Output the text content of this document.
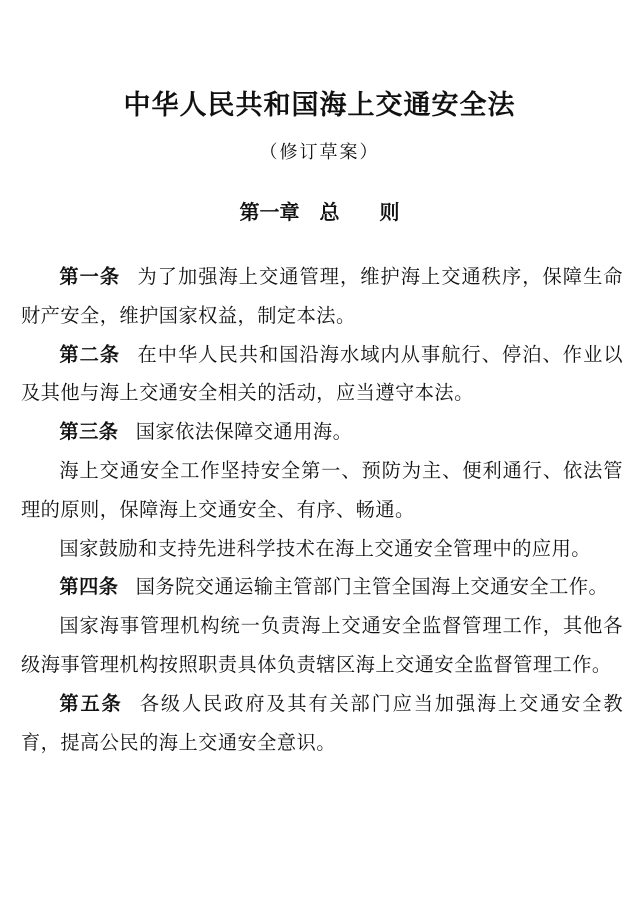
中华人民共和国海上交通安全法
（修订草案）
第一章　总　　则

第一条 为了加强海上交通管理，维护海上交通秩序，保障生命财产安全，维护国家权益，制定本法。

第二条 在中华人民共和国沿海水域内从事航行、停泊、作业以及其他与海上交通安全相关的活动，应当遵守本法。

第三条 国家依法保障交通用海。

海上交通安全工作坚持安全第一、预防为主、便利通行、依法管理的原则，保障海上交通安全、有序、畅通。

国家鼓励和支持先进科学技术在海上交通安全管理中的应用。

第四条 国务院交通运输主管部门主管全国海上交通安全工作。

国家海事管理机构统一负责海上交通安全监督管理工作，其他各级海事管理机构按照职责具体负责辖区海上交通安全监督管理工作。

第五条 各级人民政府及其有关部门应当加强海上交通安全教育，提高公民的海上交通安全意识。
